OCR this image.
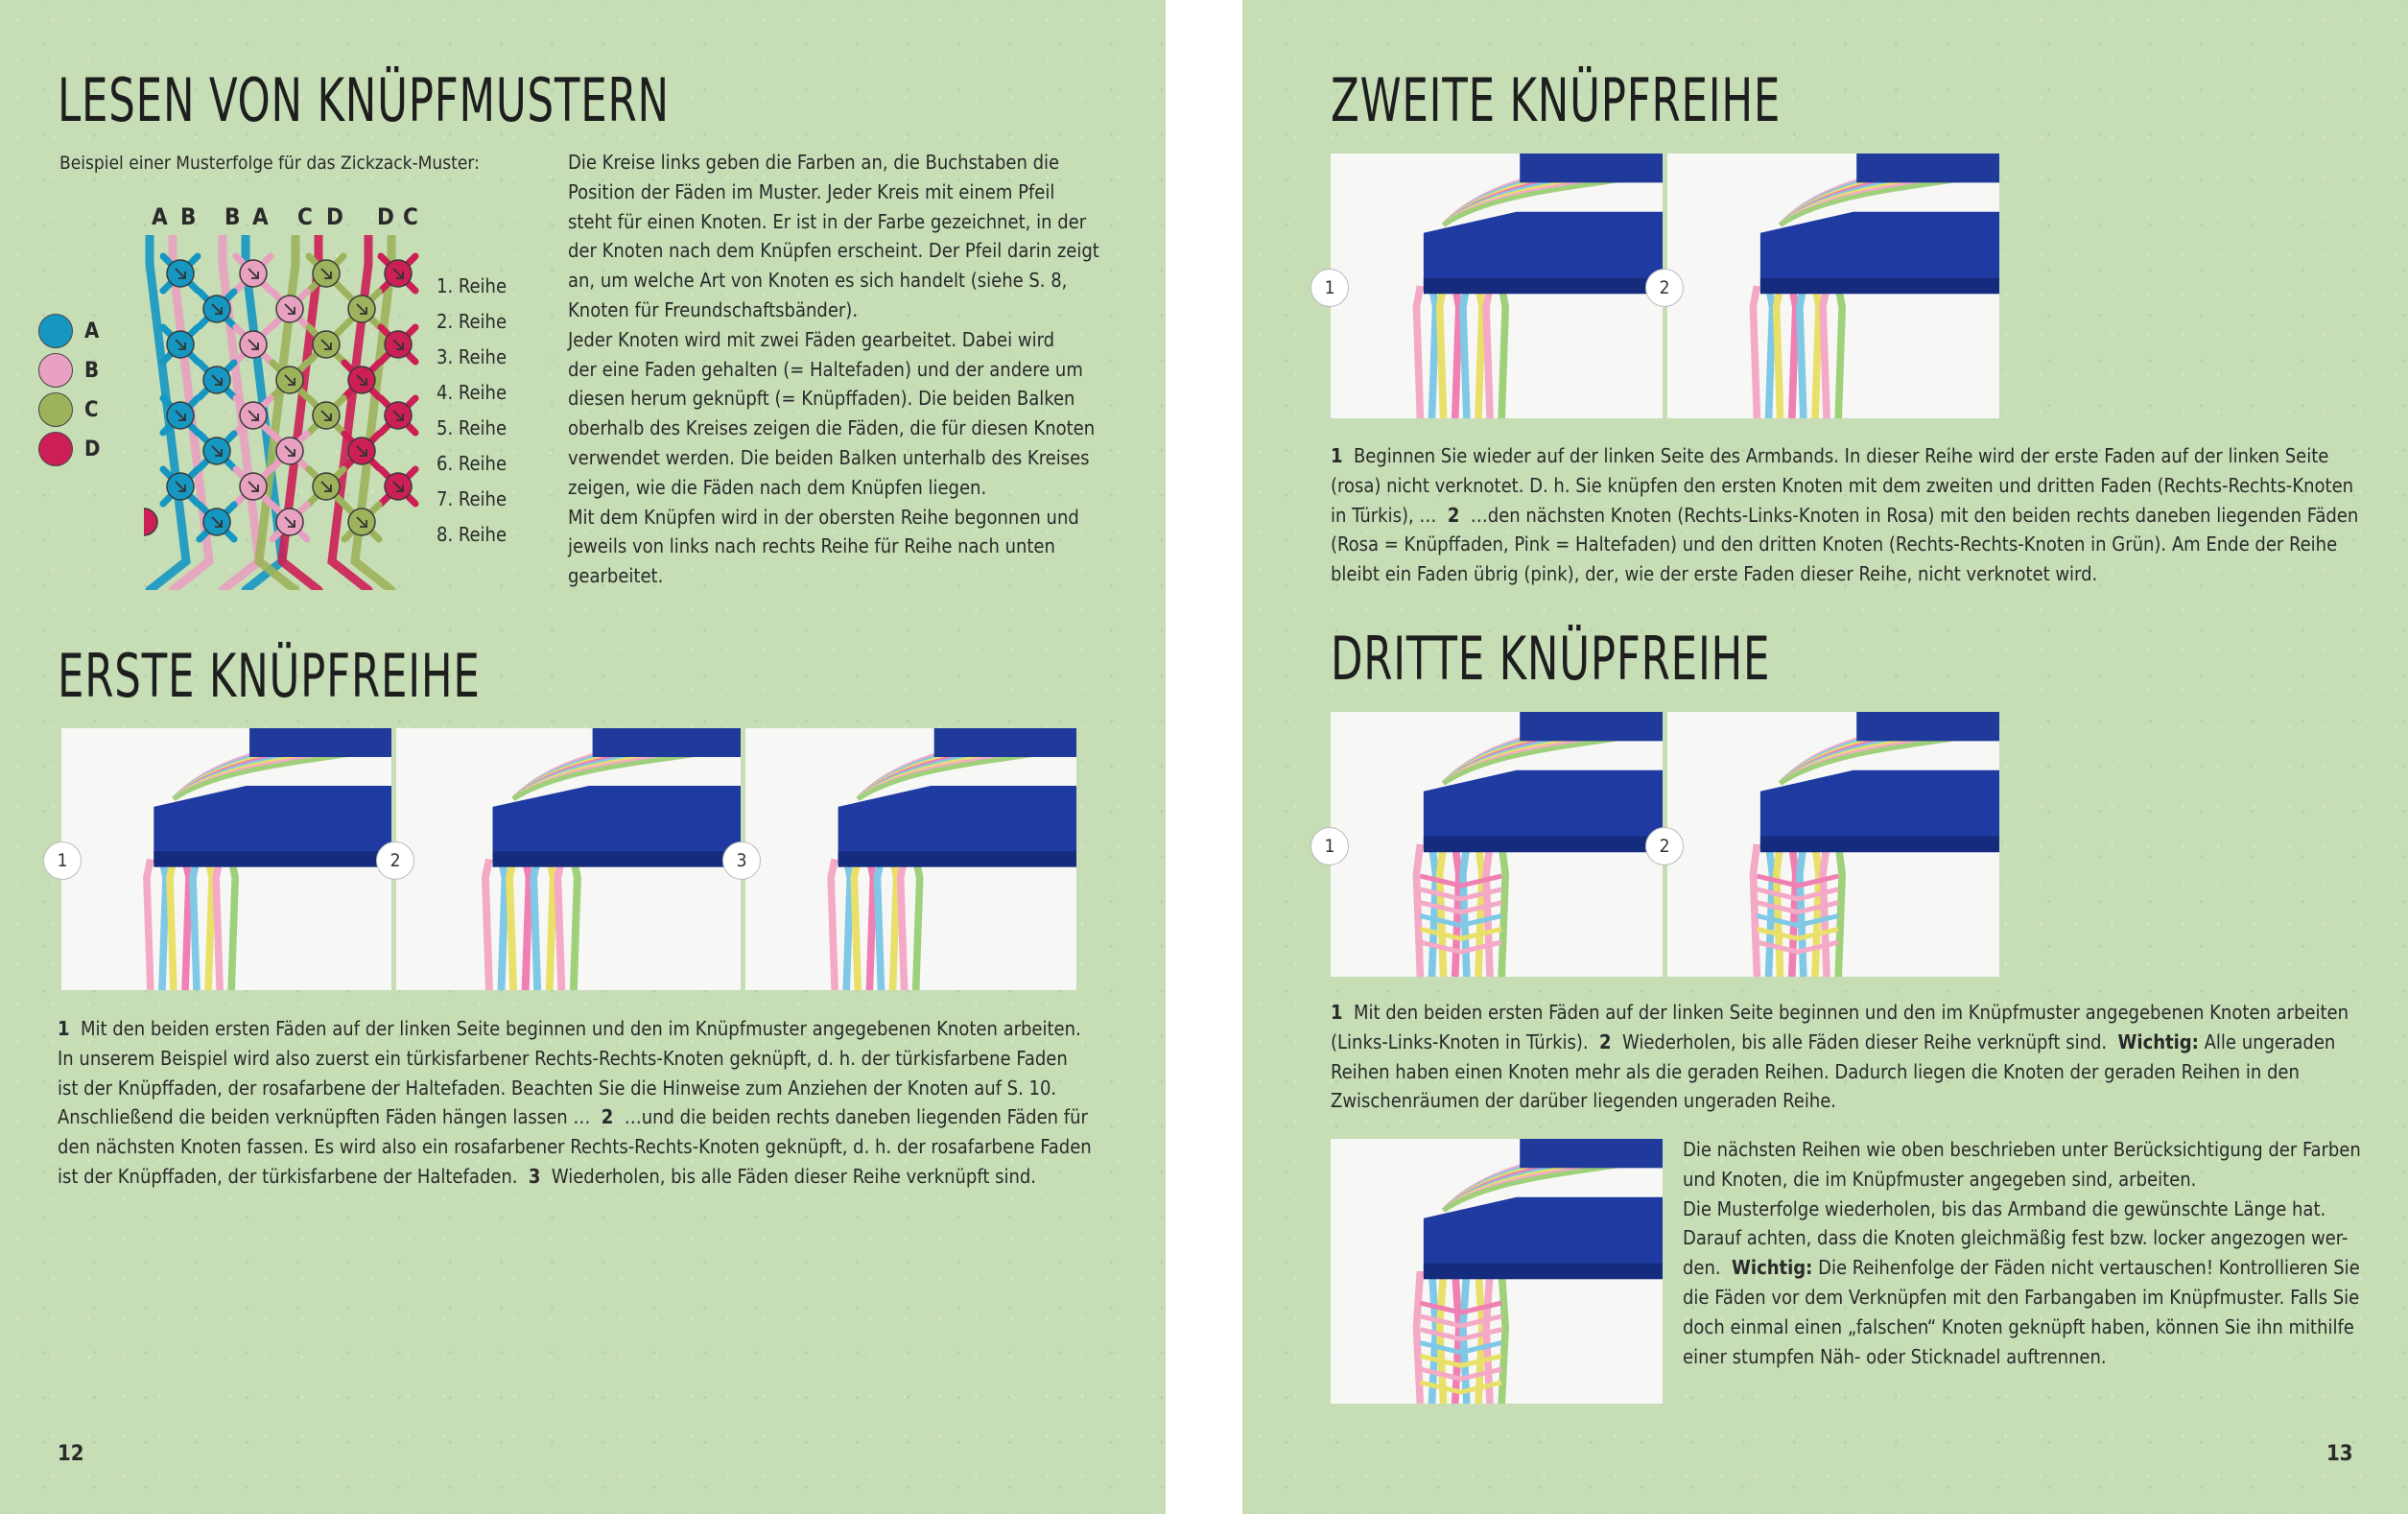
LESEN VON KNÜPFMUSTERN
Beispiel einer Musterfolge für das Zickzack-Muster:
A B B A C D D C
A
B
C
D
1. Reihe
2. Reihe
3. Reihe
4. Reihe
5. Reihe
6. Reihe
7. Reihe
8. Reihe
Die Kreise links geben die Farben an, die Buchstaben die
Position der Fäden im Muster. Jeder Kreis mit einem Pfeil
steht für einen Knoten. Er ist in der Farbe gezeichnet, in der
der Knoten nach dem Knüpfen erscheint. Der Pfeil darin zeigt
an, um welche Art von Knoten es sich handelt (siehe S. 8,
Knoten für Freundschaftsbänder).
Jeder Knoten wird mit zwei Fäden gearbeitet. Dabei wird
der eine Faden gehalten (= Haltefaden) und der andere um
diesen herum geknüpft (= Knüpffaden). Die beiden Balken
oberhalb des Kreises zeigen die Fäden, die für diesen Knoten
verwendet werden. Die beiden Balken unterhalb des Kreises
zeigen, wie die Fäden nach dem Knüpfen liegen.
Mit dem Knüpfen wird in der obersten Reihe begonnen und
jeweils von links nach rechts Reihe für Reihe nach unten
gearbeitet.
ERSTE KNÜPFREIHE
1	2	3
1  Mit den beiden ersten Fäden auf der linken Seite beginnen und den im Knüpfmuster angegebenen Knoten arbeiten.
In unserem Beispiel wird also zuerst ein türkisfarbener Rechts-Rechts-Knoten geknüpft, d. h. der türkisfarbene Faden
ist der Knüpffaden, der rosafarbene der Haltefaden. Beachten Sie die Hinweise zum Anziehen der Knoten auf S. 10.
Anschließend die beiden verknüpften Fäden hängen lassen …  2  …und die beiden rechts daneben liegenden Fäden für
den nächsten Knoten fassen. Es wird also ein rosafarbener Rechts-Rechts-Knoten geknüpft, d. h. der rosafarbene Faden
ist der Knüpffaden, der türkisfarbene der Haltefaden.  3  Wiederholen, bis alle Fäden dieser Reihe verknüpft sind.
12
ZWEITE KNÜPFREIHE
1	2
1  Beginnen Sie wieder auf der linken Seite des Armbands. In dieser Reihe wird der erste Faden auf der linken Seite
(rosa) nicht verknotet. D. h. Sie knüpfen den ersten Knoten mit dem zweiten und dritten Faden (Rechts-Rechts-Knoten
in Türkis), …  2  …den nächsten Knoten (Rechts-Links-Knoten in Rosa) mit den beiden rechts daneben liegenden Fäden
(Rosa = Knüpffaden, Pink = Haltefaden) und den dritten Knoten (Rechts-Rechts-Knoten in Grün). Am Ende der Reihe
bleibt ein Faden übrig (pink), der, wie der erste Faden dieser Reihe, nicht verknotet wird.
DRITTE KNÜPFREIHE
1	2
1  Mit den beiden ersten Fäden auf der linken Seite beginnen und den im Knüpfmuster angegebenen Knoten arbeiten
(Links-Links-Knoten in Türkis).  2  Wiederholen, bis alle Fäden dieser Reihe verknüpft sind.  Wichtig: Alle ungeraden
Reihen haben einen Knoten mehr als die geraden Reihen. Dadurch liegen die Knoten der geraden Reihen in den
Zwischenräumen der darüber liegenden ungeraden Reihe.
Die nächsten Reihen wie oben beschrieben unter Berücksichtigung der Farben
und Knoten, die im Knüpfmuster angegeben sind, arbeiten.
Die Musterfolge wiederholen, bis das Armband die gewünschte Länge hat.
Darauf achten, dass die Knoten gleichmäßig fest bzw. locker angezogen wer-
den.  Wichtig: Die Reihenfolge der Fäden nicht vertauschen! Kontrollieren Sie
die Fäden vor dem Verknüpfen mit den Farbangaben im Knüpfmuster. Falls Sie
doch einmal einen „falschen“ Knoten geknüpft haben, können Sie ihn mithilfe
einer stumpfen Näh- oder Sticknadel auftrennen.
13
